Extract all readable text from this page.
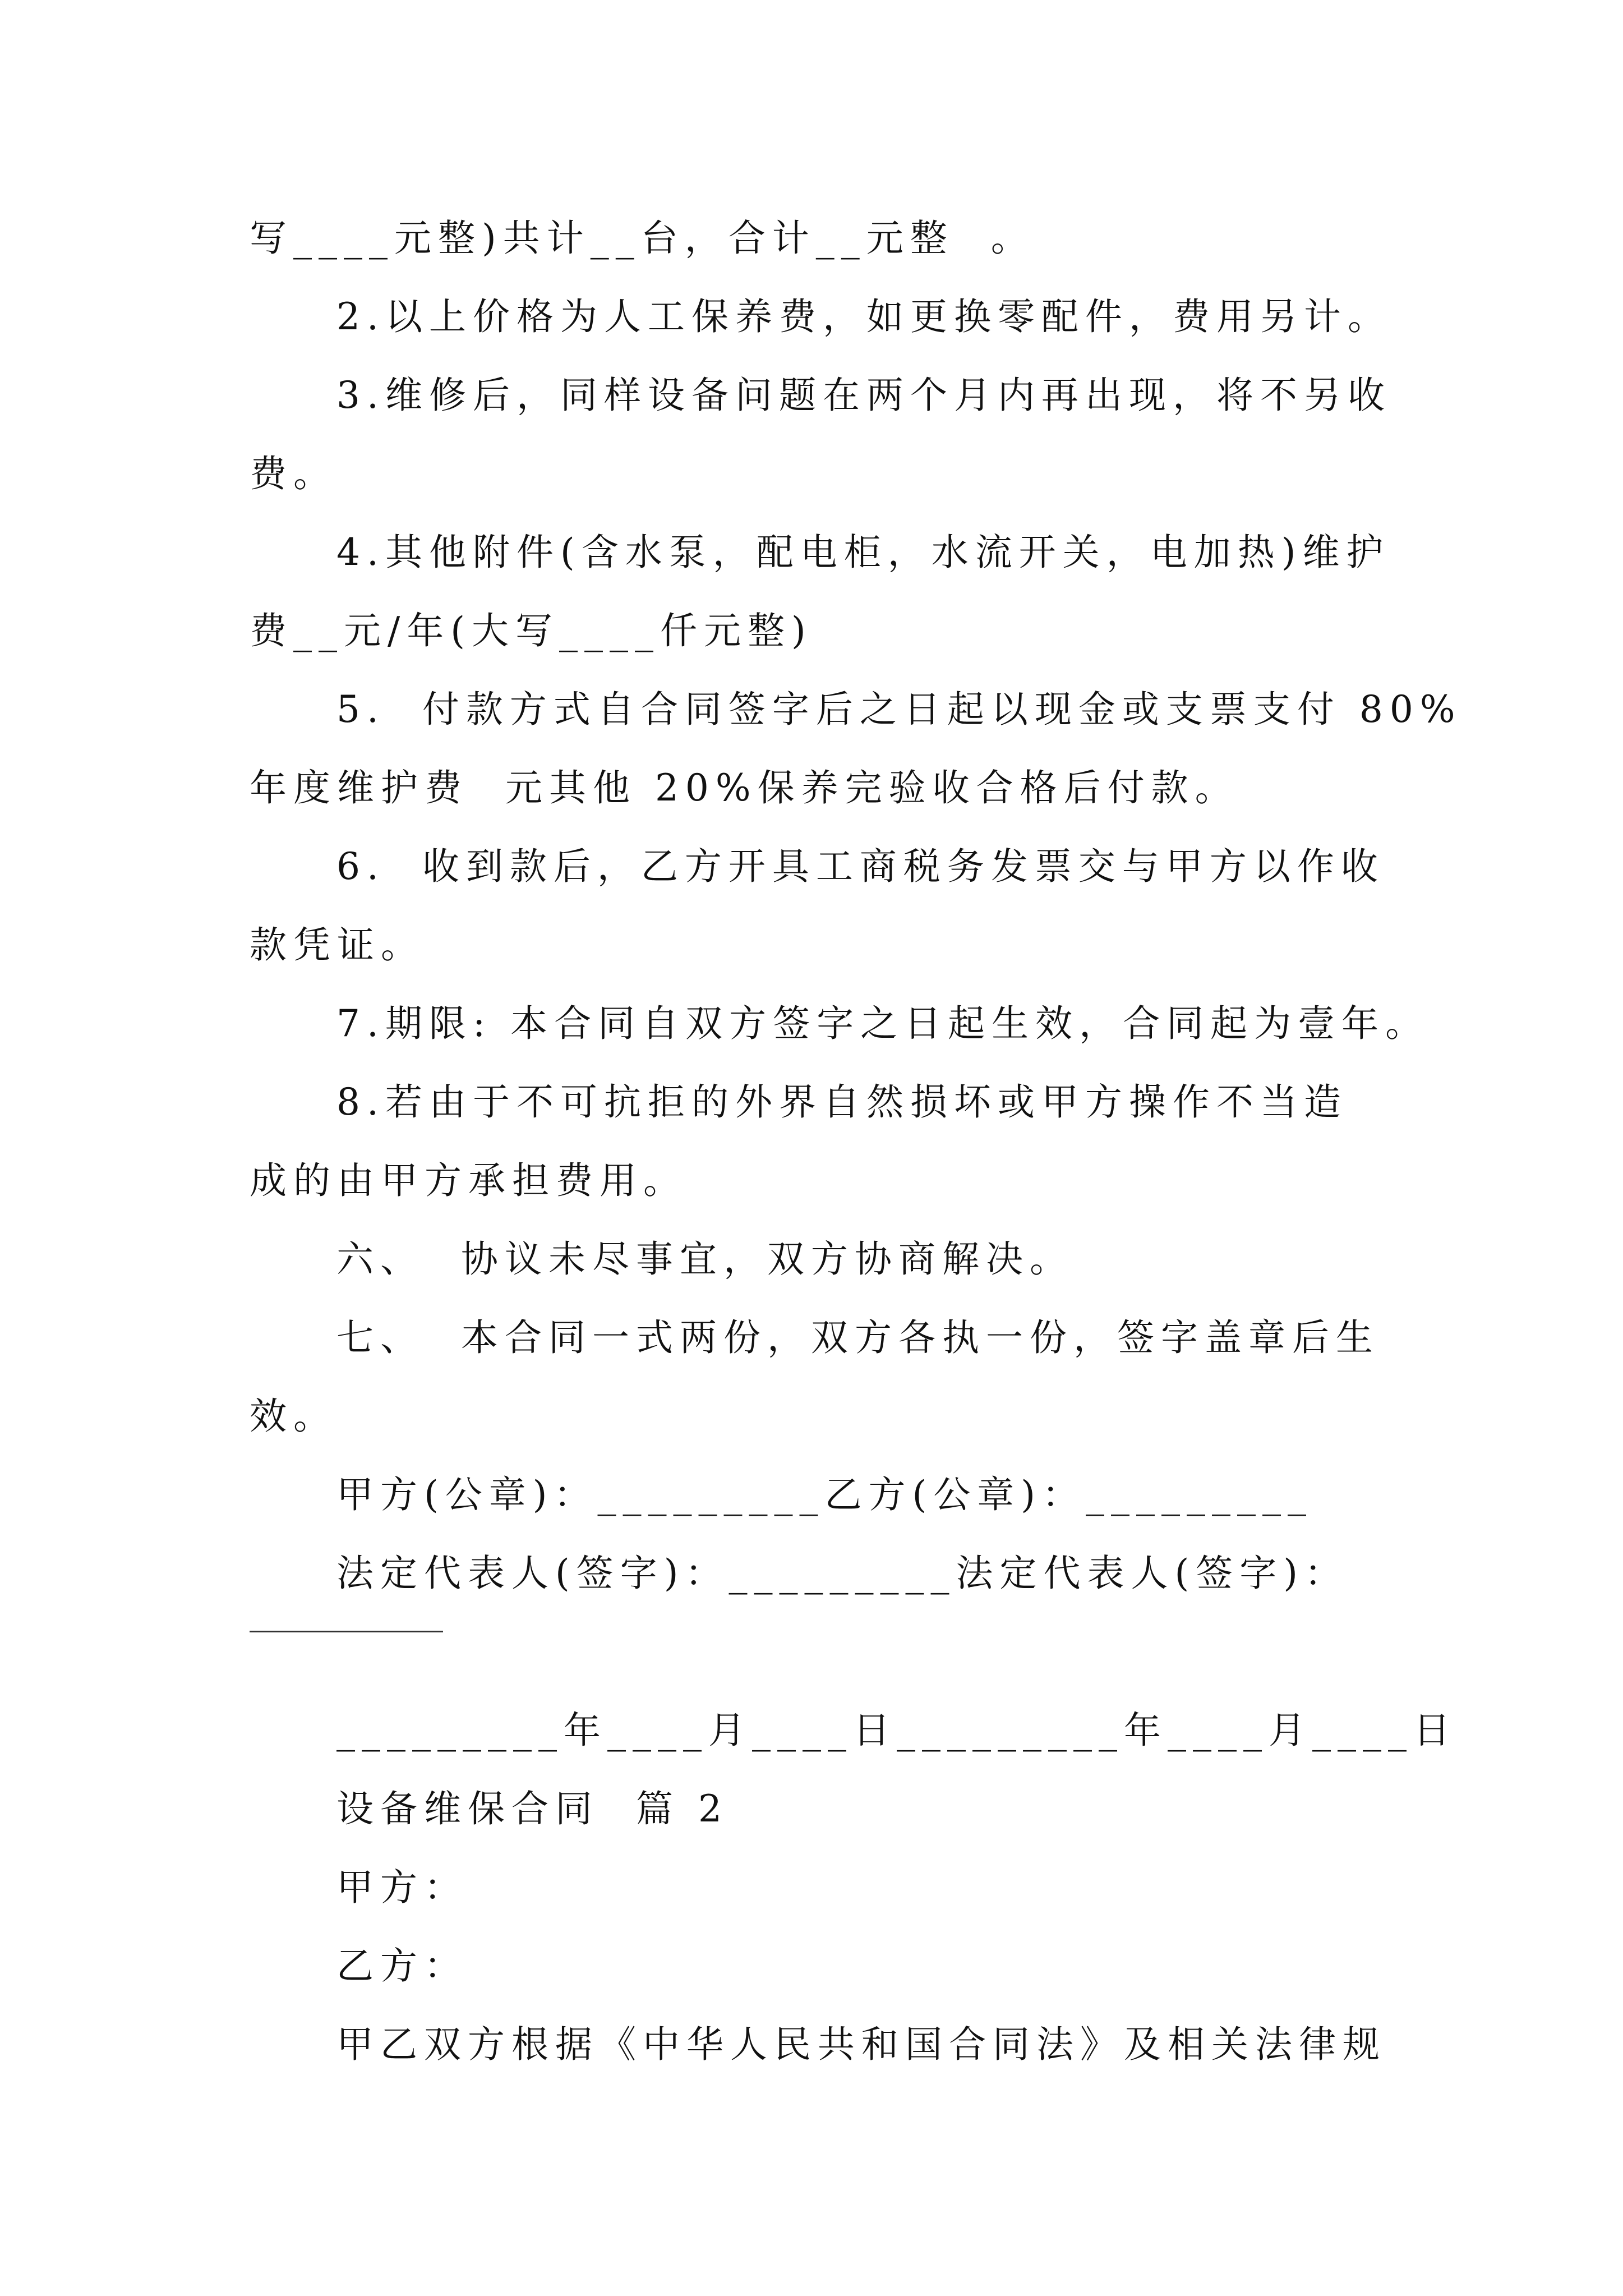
写____元整)共计__台，合计__元整  。
2.以上价格为人工保养费，如更换零配件，费用另计。
3.维修后，同样设备问题在两个月内再出现，将不另收
费。
4.其他附件(含水泵，配电柜，水流开关，电加热)维护
费__元/年(大写____仟元整)
5.  付款方式自合同签字后之日起以现金或支票支付 80%
年度维护费  元其他 20%保养完验收合格后付款。
6.  收到款后，乙方开具工商税务发票交与甲方以作收
款凭证。
7.期限: 本合同自双方签字之日起生效，合同起为壹年。
8.若由于不可抗拒的外界自然损坏或甲方操作不当造
成的由甲方承担费用。
六、  协议未尽事宜，双方协商解决。
七、  本合同一式两份，双方各执一份，签字盖章后生
效。
甲方(公章)：_________乙方(公章)：_________
法定代表人(签字)：_________法定代表人(签字)：
_________年____月____日_________年____月____日
设备维保合同  篇 2
甲方：
乙方：
甲乙双方根据《中华人民共和国合同法》及相关法律规
